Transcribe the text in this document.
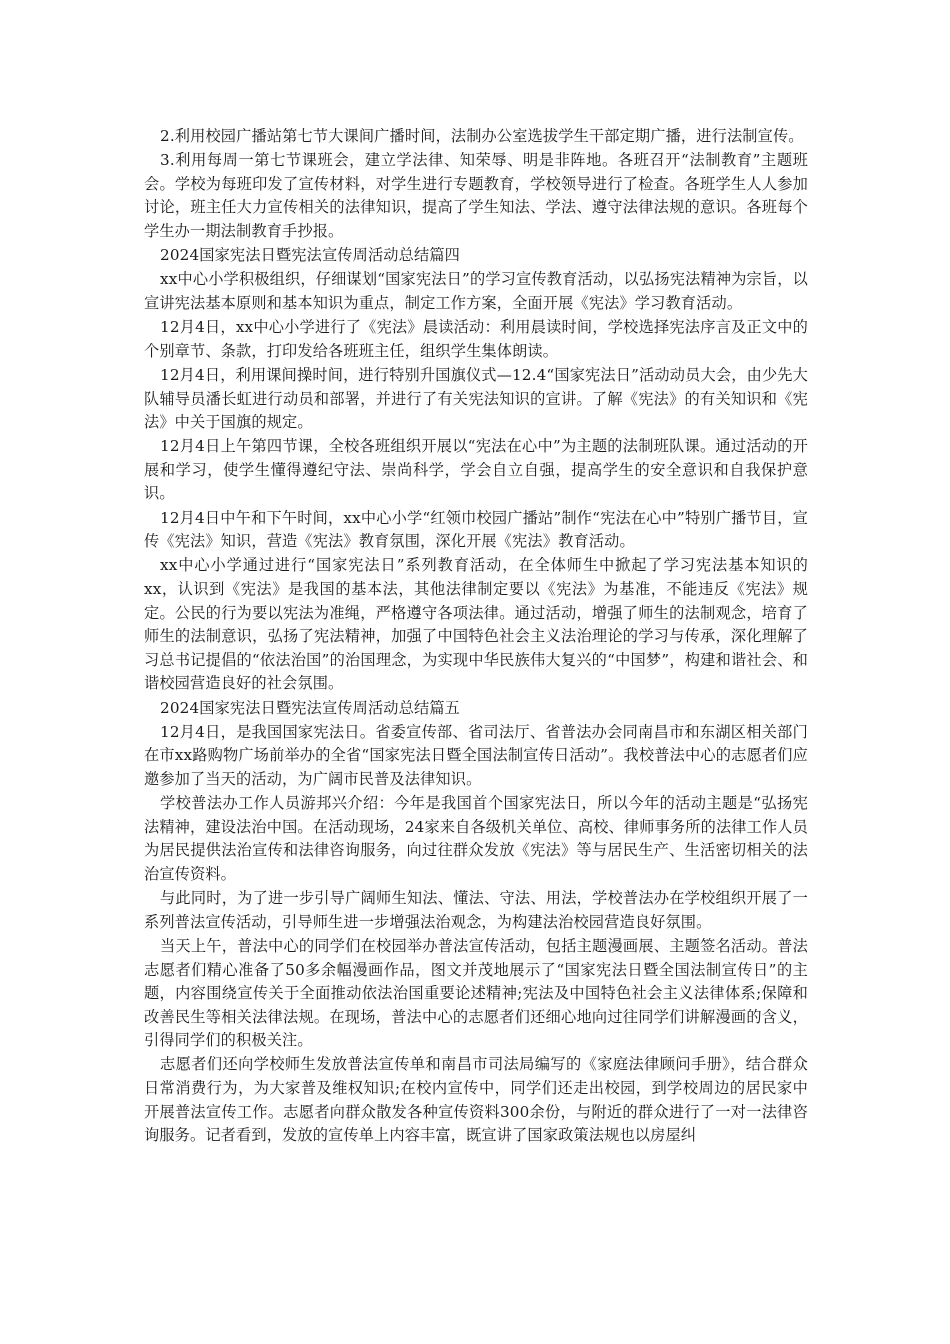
2.利用校园广播站第七节大课间广播时间，法制办公室选拔学生干部定期广播，进行法制宣传。

3.利用每周一第七节课班会，建立学法律、知荣辱、明是非阵地。各班召开“法制教育”主题班会。学校为每班印发了宣传材料，对学生进行专题教育，学校领导进行了检查。各班学生人人参加讨论，班主任大力宣传相关的法律知识，提高了学生知法、学法、遵守法律法规的意识。各班每个学生办一期法制教育手抄报。

2024国家宪法日暨宪法宣传周活动总结篇四

xx中心小学积极组织，仔细谋划“国家宪法日”的学习宣传教育活动，以弘扬宪法精神为宗旨，以宣讲宪法基本原则和基本知识为重点，制定工作方案，全面开展《宪法》学习教育活动。

12月4日，xx中心小学进行了《宪法》晨读活动：利用晨读时间，学校选择宪法序言及正文中的个别章节、条款，打印发给各班班主任，组织学生集体朗读。

12月4日，利用课间操时间，进行特别升国旗仪式—12.4“国家宪法日”活动动员大会，由少先大队辅导员潘长虹进行动员和部署，并进行了有关宪法知识的宣讲。了解《宪法》的有关知识和《宪法》中关于国旗的规定。

12月4日上午第四节课，全校各班组织开展以“宪法在心中”为主题的法制班队课。通过活动的开展和学习，使学生懂得遵纪守法、崇尚科学，学会自立自强，提高学生的安全意识和自我保护意识。

12月4日中午和下午时间，xx中心小学“红领巾校园广播站”制作“宪法在心中”特别广播节目，宣传《宪法》知识，营造《宪法》教育氛围，深化开展《宪法》教育活动。

xx中心小学通过进行“国家宪法日”系列教育活动，在全体师生中掀起了学习宪法基本知识的xx，认识到《宪法》是我国的基本法，其他法律制定要以《宪法》为基准，不能违反《宪法》规定。公民的行为要以宪法为准绳，严格遵守各项法律。通过活动，增强了师生的法制观念，培育了师生的法制意识，弘扬了宪法精神，加强了中国特色社会主义法治理论的学习与传承，深化理解了习总书记提倡的“依法治国”的治国理念，为实现中华民族伟大复兴的“中国梦”，构建和谐社会、和谐校园营造良好的社会氛围。

2024国家宪法日暨宪法宣传周活动总结篇五

12月4日，是我国国家宪法日。省委宣传部、省司法厅、省普法办会同南昌市和东湖区相关部门在市xx路购物广场前举办的全省“国家宪法日暨全国法制宣传日活动”。我校普法中心的志愿者们应邀参加了当天的活动，为广阔市民普及法律知识。

学校普法办工作人员游邦兴介绍：今年是我国首个国家宪法日，所以今年的活动主题是“弘扬宪法精神，建设法治中国。在活动现场，24家来自各级机关单位、高校、律师事务所的法律工作人员为居民提供法治宣传和法律咨询服务，向过往群众发放《宪法》等与居民生产、生活密切相关的法治宣传资料。

与此同时，为了进一步引导广阔师生知法、懂法、守法、用法，学校普法办在学校组织开展了一系列普法宣传活动，引导师生进一步增强法治观念，为构建法治校园营造良好氛围。

当天上午，普法中心的同学们在校园举办普法宣传活动，包括主题漫画展、主题签名活动。普法志愿者们精心准备了50多余幅漫画作品，图文并茂地展示了“国家宪法日暨全国法制宣传日”的主题，内容围绕宣传关于全面推动依法治国重要论述精神;宪法及中国特色社会主义法律体系;保障和改善民生等相关法律法规。在现场，普法中心的志愿者们还细心地向过往同学们讲解漫画的含义，引得同学们的积极关注。

志愿者们还向学校师生发放普法宣传单和南昌市司法局编写的《家庭法律顾问手册》，结合群众日常消费行为，为大家普及维权知识;在校内宣传中，同学们还走出校园，到学校周边的居民家中开展普法宣传工作。志愿者向群众散发各种宣传资料300余份，与附近的群众进行了一对一法律咨询服务。记者看到，发放的宣传单上内容丰富，既宣讲了国家政策法规也以房屋纠
